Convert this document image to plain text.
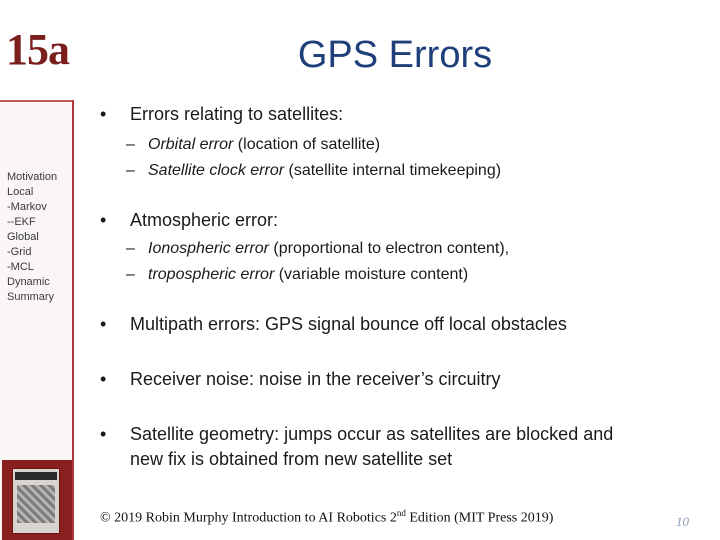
15a	GPS Errors
Motivation
Local
-Markov
--EKF
Global
-Grid
-MCL
Dynamic
Summary
• Errors relating to satellites:
– Orbital error (location of satellite)
– Satellite clock error (satellite internal timekeeping)
• Atmospheric error:
– Ionospheric error (proportional to electron content),
– tropospheric error (variable moisture content)
• Multipath errors: GPS signal bounce off local obstacles
• Receiver noise: noise in the receiver’s circuitry
• Satellite geometry: jumps occur as satellites are blocked and
new fix is obtained from new satellite set
© 2019 Robin Murphy Introduction to AI Robotics 2nd Edition (MIT Press 2019)	10
